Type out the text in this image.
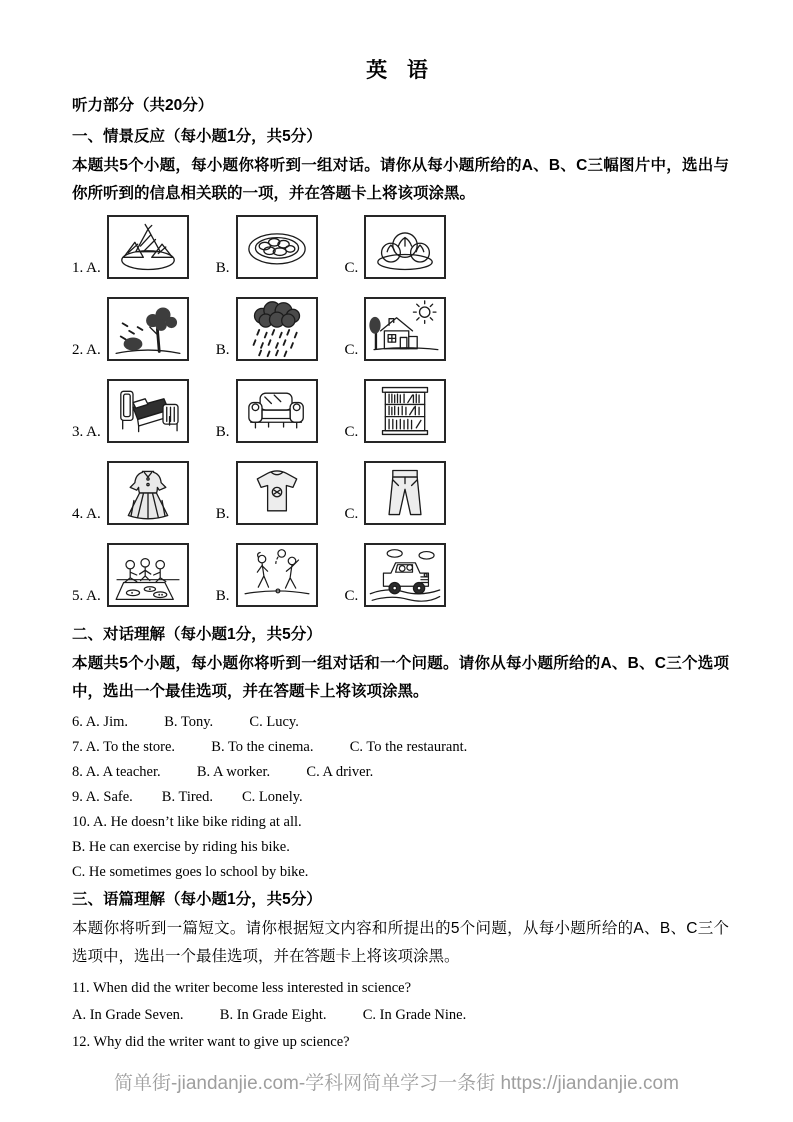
英 语
听力部分（共20分）
一、情景反应（每小题1分，共5分）

本题共5个小题，每小题你将听到一组对话。请你从每小题所给的A、B、C三幅图片中，选出与你所听到的信息相关联的一项，并在答题卡上将该项涂黑。

1. A.	B.	C.
2. A.	B.	C.
3. A.	B.	C.
4. A.	B.	C.
5. A.	B.	C.
二、对话理解（每小题1分，共5分）

本题共5个小题，每小题你将听到一组对话和一个问题。请你从每小题所给的A、B、C三个选项中，选出一个最佳选项，并在答题卡上将该项涂黑。

6. A. Jim.          B. Tony.          C. Lucy.
7. A. To the store.          B. To the cinema.          C. To the restaurant.
8. A. A teacher.          B. A worker.          C. A driver.
9. A. Safe.        B. Tired.        C. Lonely.
10. A. He doesn’t like bike riding at all.
B. He can exercise by riding his bike.
C. He sometimes goes lo school by bike.
三、语篇理解（每小题1分，共5分）

本题你将听到一篇短文。请你根据短文内容和所提出的5个问题，从每小题所给的A、B、C三个选项中，选出一个最佳选项，并在答题卡上将该项涂黑。

11. When did the writer become less interested in science?
A. In Grade Seven.          B. In Grade Eight.          C. In Grade Nine.
12. Why did the writer want to give up science?
简单街-jiandanjie.com-学科网简单学习一条街 https://jiandanjie.com
